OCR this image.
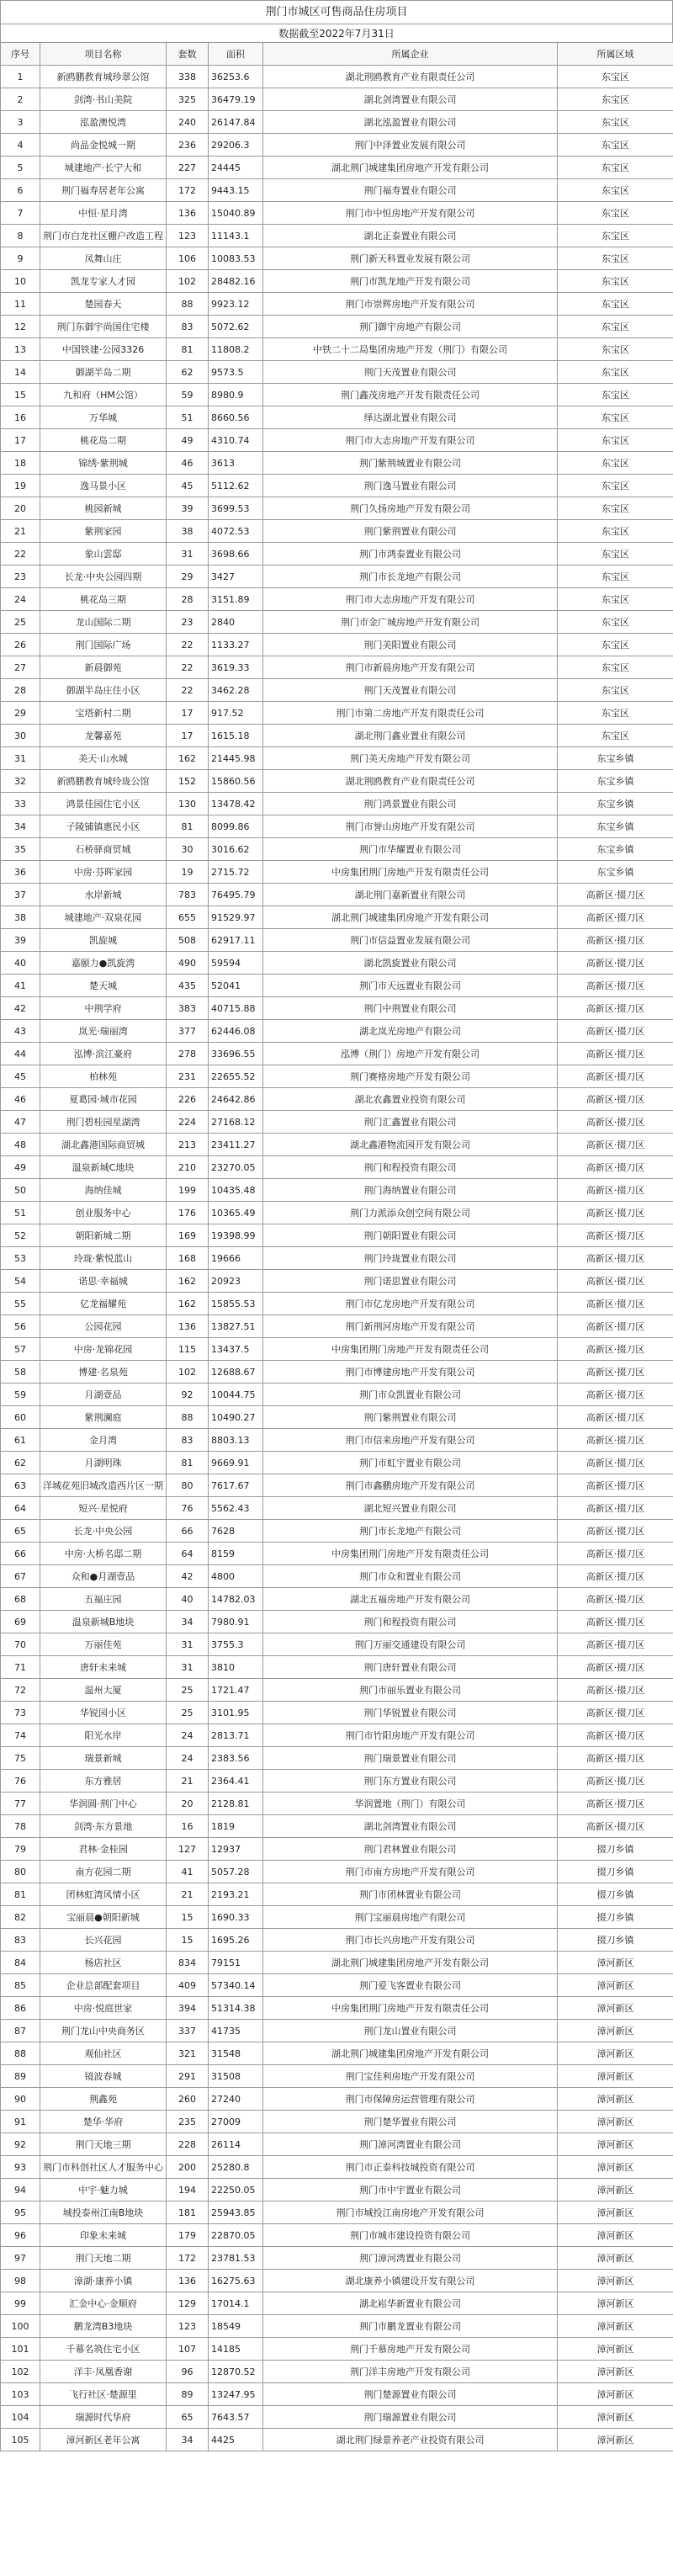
荆门市城区可售商品住房项目
数据截至2022年7月31日
序号	项目名称	套数	面积	所属企业	所属区域
1	新鸥鹏教育城珍翠公馆	338	36253.6	湖北荆鸥教育产业有限责任公司	东宝区
2	剑湾·书山美院	325	36479.19	湖北剑湾置业有限公司	东宝区
3	泓盈澳悦湾	240	26147.84	湖北泓盈置业有限公司	东宝区
4	尚品金悦城一期	236	29206.3	荆门中泽置业发展有限公司	东宝区
5	城建地产·长宁大和	227	24445	湖北荆门城建集团房地产开发有限公司	东宝区
6	荆门福寿居老年公寓	172	9443.15	荆门福寿置业有限公司	东宝区
7	中恒·星月湾	136	15040.89	荆门市中恒房地产开发有限公司	东宝区
8	荆门市白龙社区棚户改造工程	123	11143.1	湖北正泰置业有限公司	东宝区
9	凤舞山庄	106	10083.53	荆门新天科置业发展有限公司	东宝区
10	凯龙专家人才园	102	28482.16	荆门市凯龙地产开发有限公司	东宝区
11	楚园春天	88	9923.12	荆门市崇辉房地产开发有限公司	东宝区
12	荆门东御宇尚国住宅楼	83	5072.62	荆门御宇房地产有限公司	东宝区
13	中国铁建·公园3326	81	11808.2	中铁二十二局集团房地产开发（荆门）有限公司	东宝区
14	御湖半岛二期	62	9573.5	荆门天茂置业有限公司	东宝区
15	九和府（HM公馆）	59	8980.9	荆门鑫茂房地产开发有限责任公司	东宝区
16	万华城	51	8660.56	绎达湖北置业有限公司	东宝区
17	桃花岛二期	49	4310.74	荆门市大志房地产开发有限公司	东宝区
18	锦绣·紫荆城	46	3613	荆门紫荆城置业有限公司	东宝区
19	逸马景小区	45	5112.62	荆门逸马置业有限公司	东宝区
20	桃园新城	39	3699.53	荆门久扬房地产开发有限公司	东宝区
21	紫荆家园	38	4072.53	荆门紫荆置业有限公司	东宝区
22	象山雲邸	31	3698.66	荆门市鸿泰置业有限公司	东宝区
23	长龙·中央公园四期	29	3427	荆门市长龙地产有限公司	东宝区
24	桃花岛三期	28	3151.89	荆门市大志房地产开发有限公司	东宝区
25	龙山国际二期	23	2840	荆门市金广城房地产开发有限公司	东宝区
26	荆门国际广场	22	1133.27	荆门美阳置业有限公司	东宝区
27	新晨御苑	22	3619.33	荆门市新晨房地产开发有限公司	东宝区
28	御湖半岛庄住小区	22	3462.28	荆门天茂置业有限公司	东宝区
29	宝塔新村二期	17	917.52	荆门市第二房地产开发有限责任公司	东宝区
30	龙馨嘉苑	17	1615.18	湖北荆门鑫业置业有限公司	东宝区
31	美天·山水城	162	21445.98	荆门美天房地产开发有限公司	东宝乡镇
32	新鸥鹏教育城玲珑公馆	152	15860.56	湖北荆鸥教育产业有限责任公司	东宝乡镇
33	鸿景佳园住宅小区	130	13478.42	荆门鸿景置业有限公司	东宝乡镇
34	子陵铺镇惠民小区	81	8099.86	荆门市誉山房地产开发有限公司	东宝乡镇
35	石桥驿商贸城	30	3016.62	荆门市华耀置业有限公司	东宝乡镇
36	中房·芬晖家园	19	2715.72	中房集团荆门房地产开发有限责任公司	东宝乡镇
37	水岸新城	783	76495.79	湖北荆门嘉新置业有限公司	高新区·掇刀区
38	城建地产·双泉花园	655	91529.97	湖北荆门城建集团房地产开发有限公司	高新区·掇刀区
39	凯旋城	508	62917.11	荆门市信益置业发展有限公司	高新区·掇刀区
40	嘉颐力●凯旋湾	490	59594	湖北凯旋置业有限公司	高新区·掇刀区
41	楚天城	435	52041	荆门市天远置业有限公司	高新区·掇刀区
42	中荆学府	383	40715.88	荆门中荆置业有限公司	高新区·掇刀区
43	岚光·瑞丽湾	377	62446.08	湖北岚光房地产有限公司	高新区·掇刀区
44	泓博·滨江豪府	278	33696.55	泓博（荆门）房地产开发有限公司	高新区·掇刀区
45	柏林苑	231	22655.52	荆门赛格房地产开发有限公司	高新区·掇刀区
46	夏葛园·城市花园	226	24642.86	湖北农鑫置业投资有限公司	高新区·掇刀区
47	荆门碧桂园星湖湾	224	27168.12	荆门汇鑫置业有限公司	高新区·掇刀区
48	湖北鑫港国际商贸城	213	23411.27	湖北鑫港物流园开发有限公司	高新区·掇刀区
49	温泉新城C地块	210	23270.05	荆门和程投资有限公司	高新区·掇刀区
50	海纳佳城	199	10435.48	荆门海纳置业有限公司	高新区·掇刀区
51	创业服务中心	176	10365.49	荆门力派添众创空间有限公司	高新区·掇刀区
52	朝阳新城二期	169	19398.99	荆门朝阳置业有限公司	高新区·掇刀区
53	玲珑·紫悦蓝山	168	19666	荆门玲珑置业有限公司	高新区·掇刀区
54	诺思·幸福城	162	20923	荆门诺思置业有限公司	高新区·掇刀区
55	亿龙福耀苑	162	15855.53	荆门市亿龙房地产开发有限公司	高新区·掇刀区
56	公园花园	136	13827.51	荆门新荆河房地产开发有限公司	高新区·掇刀区
57	中房·龙锦花园	115	13437.5	中房集团荆门房地产开发有限责任公司	高新区·掇刀区
58	博建·名泉苑	102	12688.67	荆门市博建房地产开发有限公司	高新区·掇刀区
59	月湖壹品	92	10044.75	荆门市众凯置业有限公司	高新区·掇刀区
60	紫荆澜庭	88	10490.27	荆门紫荆置业有限公司	高新区·掇刀区
61	金月湾	83	8803.13	荆门市信来房地产开发有限公司	高新区·掇刀区
62	月湖明珠	81	9669.91	荆门市虹宇置业有限公司	高新区·掇刀区
63	洋城花苑旧城改造西片区一期	80	7617.67	荆门市鑫鹏房地产开发有限公司	高新区·掇刀区
64	短兴·星悦府	76	5562.43	湖北短兴置业有限公司	高新区·掇刀区
65	长龙·中央公园	66	7628	荆门市长龙地产有限公司	高新区·掇刀区
66	中房·大桥名邸二期	64	8159	中房集团荆门房地产开发有限责任公司	高新区·掇刀区
67	众和●月湖壹品	42	4800	荆门市众和置业有限公司	高新区·掇刀区
68	五福庄园	40	14782.03	湖北五福房地产开发有限公司	高新区·掇刀区
69	温泉新城B地块	34	7980.91	荆门和程投资有限公司	高新区·掇刀区
70	万丽佳苑	31	3755.3	荆门万丽交通建设有限公司	高新区·掇刀区
71	唐轩未来城	31	3810	荆门唐轩置业有限公司	高新区·掇刀区
72	温州大厦	25	1721.47	荆门市丽乐置业有限公司	高新区·掇刀区
73	华锐园小区	25	3101.95	荆门华锐置业有限公司	高新区·掇刀区
74	阳光水岸	24	2813.71	荆门市竹阳房地产开发有限公司	高新区·掇刀区
75	瑞景新城	24	2383.56	荆门瑞景置业有限公司	高新区·掇刀区
76	东方雅居	21	2364.41	荆门东方置业有限公司	高新区·掇刀区
77	华润圆·荆门中心	20	2128.81	华润置地（荆门）有限公司	高新区·掇刀区
78	剑湾·东方景地	16	1819	湖北剑湾置业有限公司	高新区·掇刀区
79	君林·金桂园	127	12937	荆门君林置业有限公司	掇刀乡镇
80	南方花园二期	41	5057.28	荆门市南方房地产开发有限公司	掇刀乡镇
81	团林虹湾风情小区	21	2193.21	荆门市团林置业有限公司	掇刀乡镇
82	宝丽晨●朝阳新城	15	1690.33	荆门宝丽晨房地产有限公司	掇刀乡镇
83	长兴花园	15	1695.26	荆门市长兴房地产开发有限公司	掇刀乡镇
84	杨店社区	834	79151	湖北荆门城建集团房地产开发有限公司	漳河新区
85	企业总部配套项目	409	57340.14	荆门爱飞客置业有限公司	漳河新区
86	中房·悦庭世家	394	51314.38	中房集团荆门房地产开发有限责任公司	漳河新区
87	荆门龙山中央商务区	337	41735	荆门龙山置业有限公司	漳河新区
88	观仙社区	321	31548	湖北荆门城建集团房地产开发有限公司	漳河新区
89	镜波春城	291	31508	荆门宝佳利房地产开发有限公司	漳河新区
90	荆鑫苑	260	27240	荆门市保障房运营管理有限公司	漳河新区
91	楚华·华府	235	27009	荆门楚华置业有限公司	漳河新区
92	荆门天地三期	228	26114	荆门漳河湾置业有限公司	漳河新区
93	荆门市科创社区人才服务中心	200	25280.8	荆门市正泰科技城投资有限公司	漳河新区
94	中宇·魅力城	194	22250.05	荆门市中宇置业有限公司	漳河新区
95	城投泰州江南B地块	181	25943.85	荆门市城投江南房地产开发有限公司	漳河新区
96	印象未来城	179	22870.05	荆门市城市建设投资有限公司	漳河新区
97	荆门天地二期	172	23781.53	荆门漳河湾置业有限公司	漳河新区
98	漳湖·康养小镇	136	16275.63	湖北康养小镇建设开发有限公司	漳河新区
99	汇金中心·金顺府	129	17014.1	湖北崧华新置业有限公司	漳河新区
100	鹏龙湾B3地块	123	18549	荆门市鹏龙置业有限公司	漳河新区
101	千幕名筑住宅小区	107	14185	荆门千慕房地产开发有限公司	漳河新区
102	洋丰·凤凰香谢	96	12870.52	荆门洋丰房地产开发有限公司	漳河新区
103	飞行社区·楚源里	89	13247.95	荆门楚源置业有限公司	漳河新区
104	瑞源时代华府	65	7643.57	荆门瑞源置业有限公司	漳河新区
105	漳河新区老年公寓	34	4425	湖北荆门绿景养老产业投资有限公司	漳河新区
